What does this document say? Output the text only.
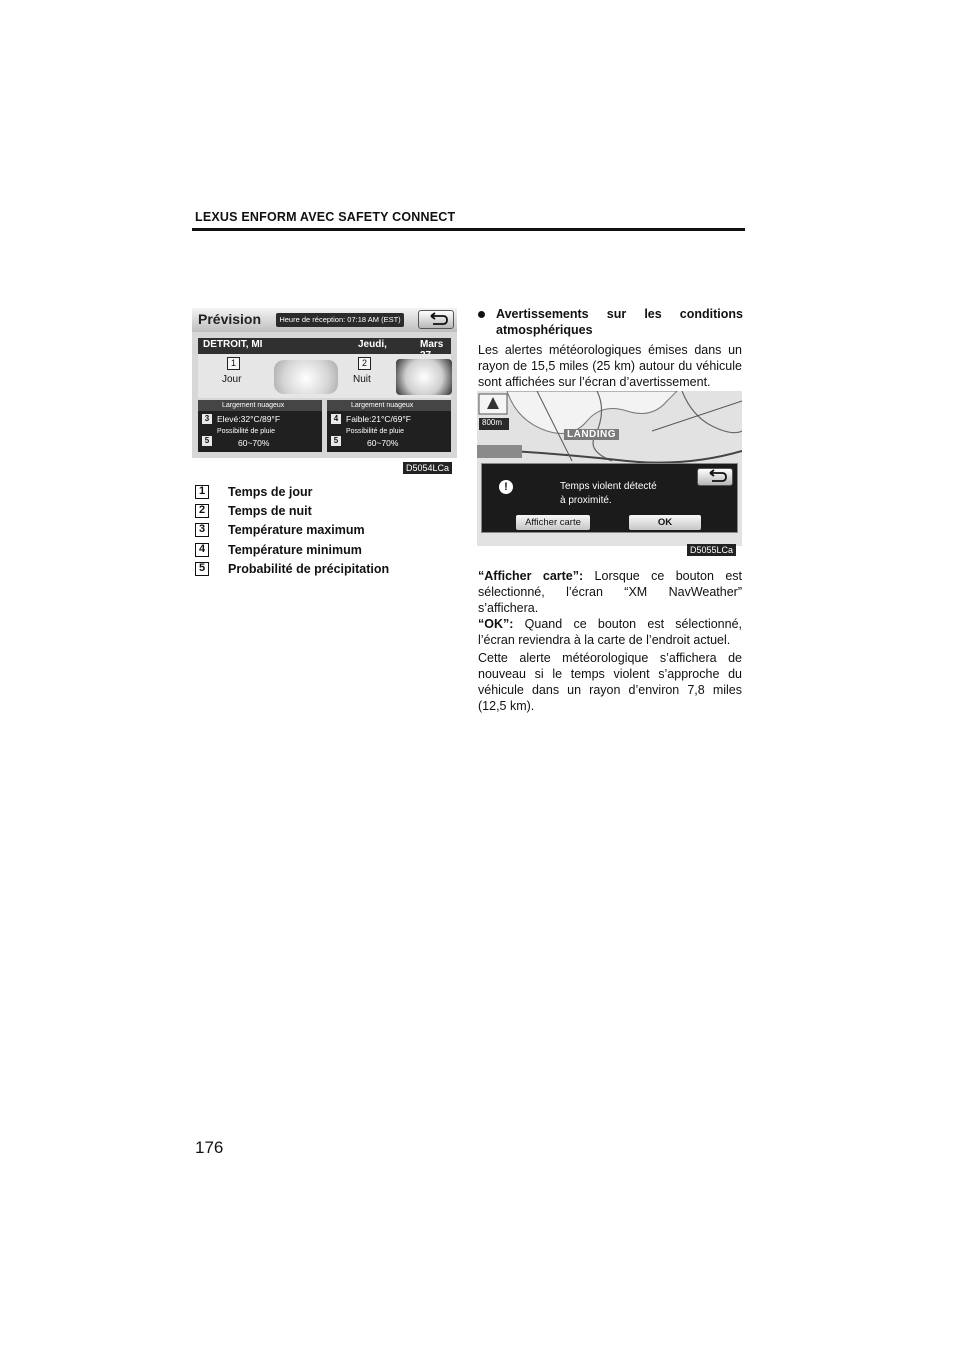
LEXUS ENFORM AVEC SAFETY CONNECT
Prévision	Heure de réception: 07:18 AM (EST)
DETROIT, MI	Jeudi,	Mars
1
Jour
2
Nuit
Largement nuageux
3 Elevé:32°C/89°F
5
Possibilité de pluie
60~70%
Largement nuageux
4 Faible:21°C/69°F
5
Possibilité de pluie
60~70%
D5054LCa
1	Temps de jour
2	Temps de nuit
3	Température maximum
4	Température minimum
5	Probabilité de précipitation
Avertissements sur les conditions
atmosphériques
Les alertes météorologiques émises dans un rayon de 15,5 miles (25 km) autour du véhicule sont affichées sur l’écran d’avertissement.
800m
LANDING
!	Temps violent détecté
à proximité.
Afficher carte	OK
D5055LCa
“Afficher carte”: Lorsque ce bouton est sélectionné, l’écran “XM NavWeather” s’affichera.
“OK”: Quand ce bouton est sélectionné, l’écran reviendra à la carte de l’endroit actuel.
Cette alerte météorologique s’affichera de nouveau si le temps violent s’approche du véhicule dans un rayon d’environ 7,8 miles (12,5 km).
176
